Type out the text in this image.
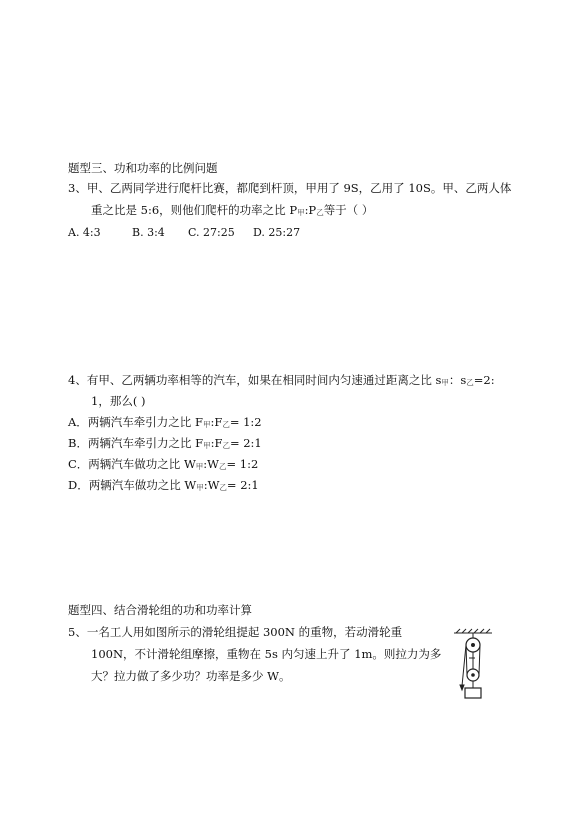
题型三、功和功率的比例问题
3、甲、乙两同学进行爬杆比赛，都爬到杆顶，甲用了 9S，乙用了 10S。甲、乙两人体
重之比是 5:6，则他们爬杆的功率之比 P甲:P乙等于（ ）
A. 4:3	B. 3:4 C. 27:25 D. 25:27
4、有甲、乙两辆功率相等的汽车，如果在相同时间内匀速通过距离之比 s甲：s乙=2:
1，那么( )
A．两辆汽车牵引力之比 F甲:F乙= 1:2
B．两辆汽车牵引力之比 F甲:F乙= 2:1
C．两辆汽车做功之比 W甲:W乙= 1:2
D．两辆汽车做功之比 W甲:W乙= 2:1
题型四、结合滑轮组的功和功率计算
5、一名工人用如图所示的滑轮组提起 300N 的重物，若动滑轮重
100N，不计滑轮组摩擦，重物在 5s 内匀速上升了 1m。则拉力为多
大？拉力做了多少功？功率是多少 W。
